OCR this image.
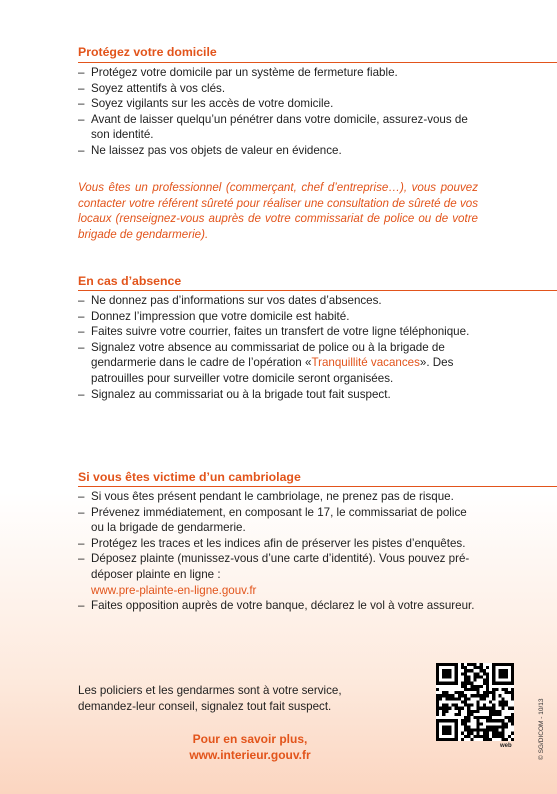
Protégez votre domicile

– Protégez votre domicile par un système de fermeture fiable.
– Soyez attentifs à vos clés.
– Soyez vigilants sur les accès de votre domicile.
– Avant de laisser quelqu’un pénétrer dans votre domicile, assurez-vous de son identité.
– Ne laissez pas vos objets de valeur en évidence.

Vous êtes un professionnel (commerçant, chef d’entreprise…), vous pouvez contacter votre référent sûreté pour réaliser une consultation de sûreté de vos locaux (renseignez-vous auprès de votre commissariat de police ou de votre brigade de gendarmerie).

En cas d’absence

– Ne donnez pas d’informations sur vos dates d’absences.
– Donnez l’impression que votre domicile est habité.
– Faites suivre votre courrier, faites un transfert de votre ligne téléphonique.
– Signalez votre absence au commissariat de police ou à la brigade de gendarmerie dans le cadre de l’opération «Tranquillité vacances». Des patrouilles pour surveiller votre domicile seront organisées.
– Signalez au commissariat ou à la brigade tout fait suspect.

Si vous êtes victime d’un cambriolage

– Si vous êtes présent pendant le cambriolage, ne prenez pas de risque.
– Prévenez immédiatement, en composant le 17, le commissariat de police ou la brigade de gendarmerie.
– Protégez les traces et les indices afin de préserver les pistes d’enquêtes.
– Déposez plainte (munissez-vous d’une carte d’identité). Vous pouvez pré-déposer plainte en ligne :
www.pre-plainte-en-ligne.gouv.fr
– Faites opposition auprès de votre banque, déclarez le vol à votre assureur.

Les policiers et les gendarmes sont à votre service, demandez-leur conseil, signalez tout fait suspect.

Pour en savoir plus,
www.interieur.gouv.fr
web	© SG/DICOM - 10/13
